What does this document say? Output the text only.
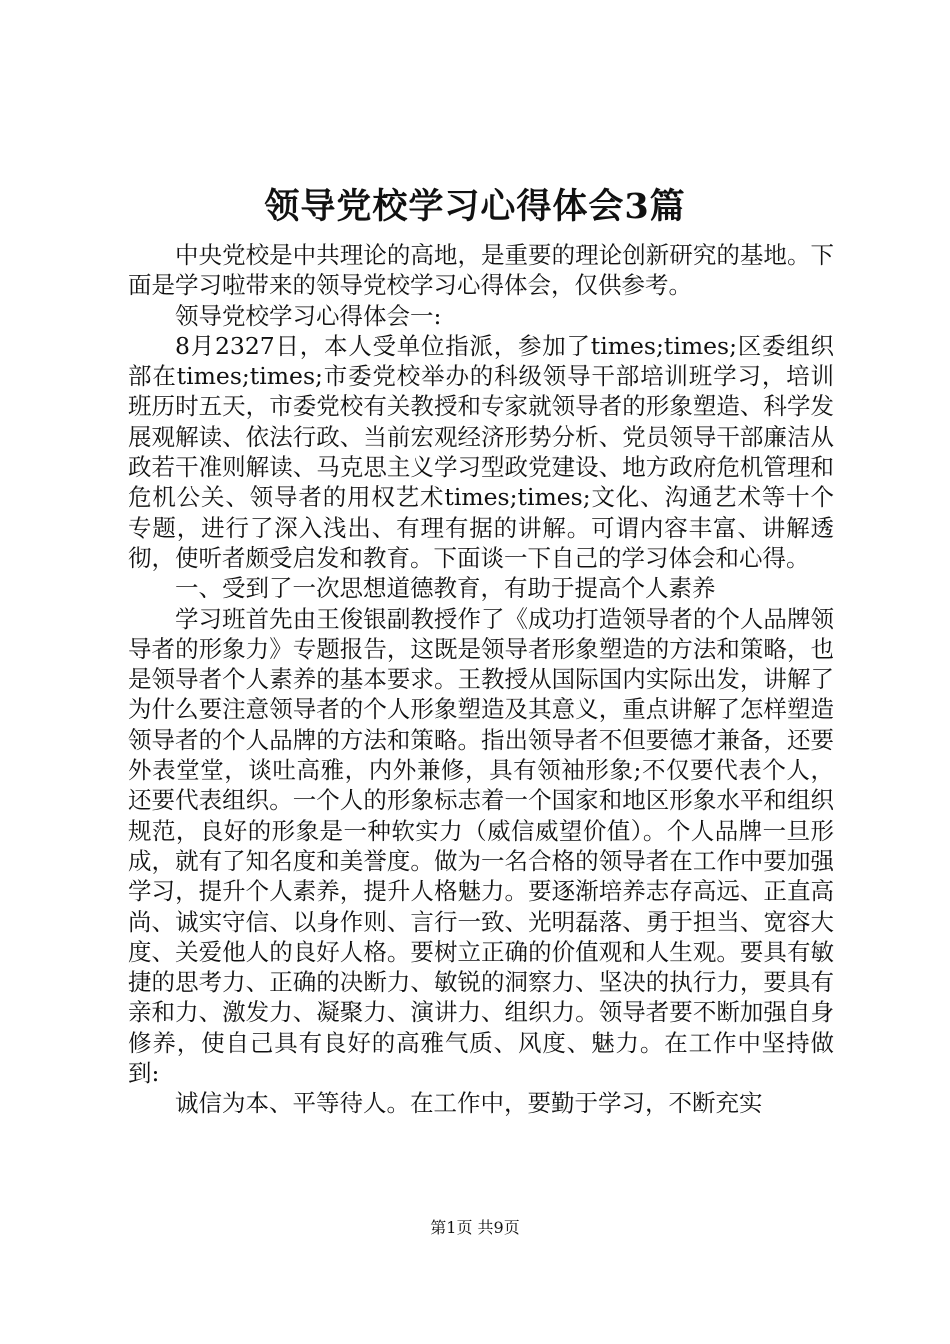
领导党校学习心得体会3篇

中央党校是中共理论的高地，是重要的理论创新研究的基地。下面是学习啦带来的领导党校学习心得体会，仅供参考。

领导党校学习心得体会一:

8月2327日，本人受单位指派，参加了times;times;区委组织部在times;times;市委党校举办的科级领导干部培训班学习，培训班历时五天，市委党校有关教授和专家就领导者的形象塑造、科学发展观解读、依法行政、当前宏观经济形势分析、党员领导干部廉洁从政若干准则解读、马克思主义学习型政党建设、地方政府危机管理和危机公关、领导者的用权艺术times;times;文化、沟通艺术等十个专题，进行了深入浅出、有理有据的讲解。可谓内容丰富、讲解透彻，使听者颇受启发和教育。下面谈一下自己的学习体会和心得。

一、受到了一次思想道德教育，有助于提高个人素养

学习班首先由王俊银副教授作了《成功打造领导者的个人品牌领导者的形象力》专题报告，这既是领导者形象塑造的方法和策略，也是领导者个人素养的基本要求。王教授从国际国内实际出发，讲解了为什么要注意领导者的个人形象塑造及其意义，重点讲解了怎样塑造领导者的个人品牌的方法和策略。指出领导者不但要德才兼备，还要外表堂堂，谈吐高雅，内外兼修，具有领袖形象;不仅要代表个人，还要代表组织。一个人的形象标志着一个国家和地区形象水平和组织规范，良好的形象是一种软实力（威信威望价值）。个人品牌一旦形成，就有了知名度和美誉度。做为一名合格的领导者在工作中要加强学习，提升个人素养，提升人格魅力。要逐渐培养志存高远、正直高尚、诚实守信、以身作则、言行一致、光明磊落、勇于担当、宽容大度、关爱他人的良好人格。要树立正确的价值观和人生观。要具有敏捷的思考力、正确的决断力、敏锐的洞察力、坚决的执行力，要具有亲和力、激发力、凝聚力、演讲力、组织力。领导者要不断加强自身修养，使自己具有良好的高雅气质、风度、魅力。在工作中坚持做到:

诚信为本、平等待人。在工作中，要勤于学习，不断充实

第1页 共9页
